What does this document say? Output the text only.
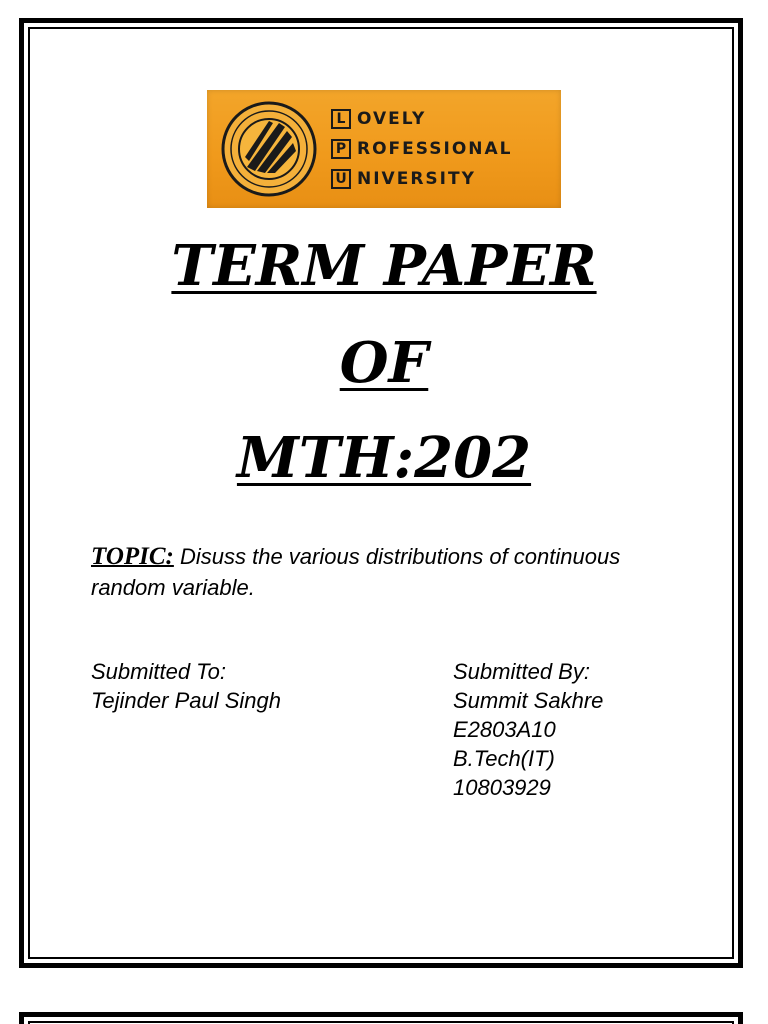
L OVELY
P ROFESSIONAL
U NIVERSITY
TERM PAPER
OF
MTH:202
TOPIC: Disuss the various distributions of continuous random variable.
Submitted To:
Tejinder Paul Singh
Submitted By:
Summit Sakhre
E2803A10
B.Tech(IT)
10803929
